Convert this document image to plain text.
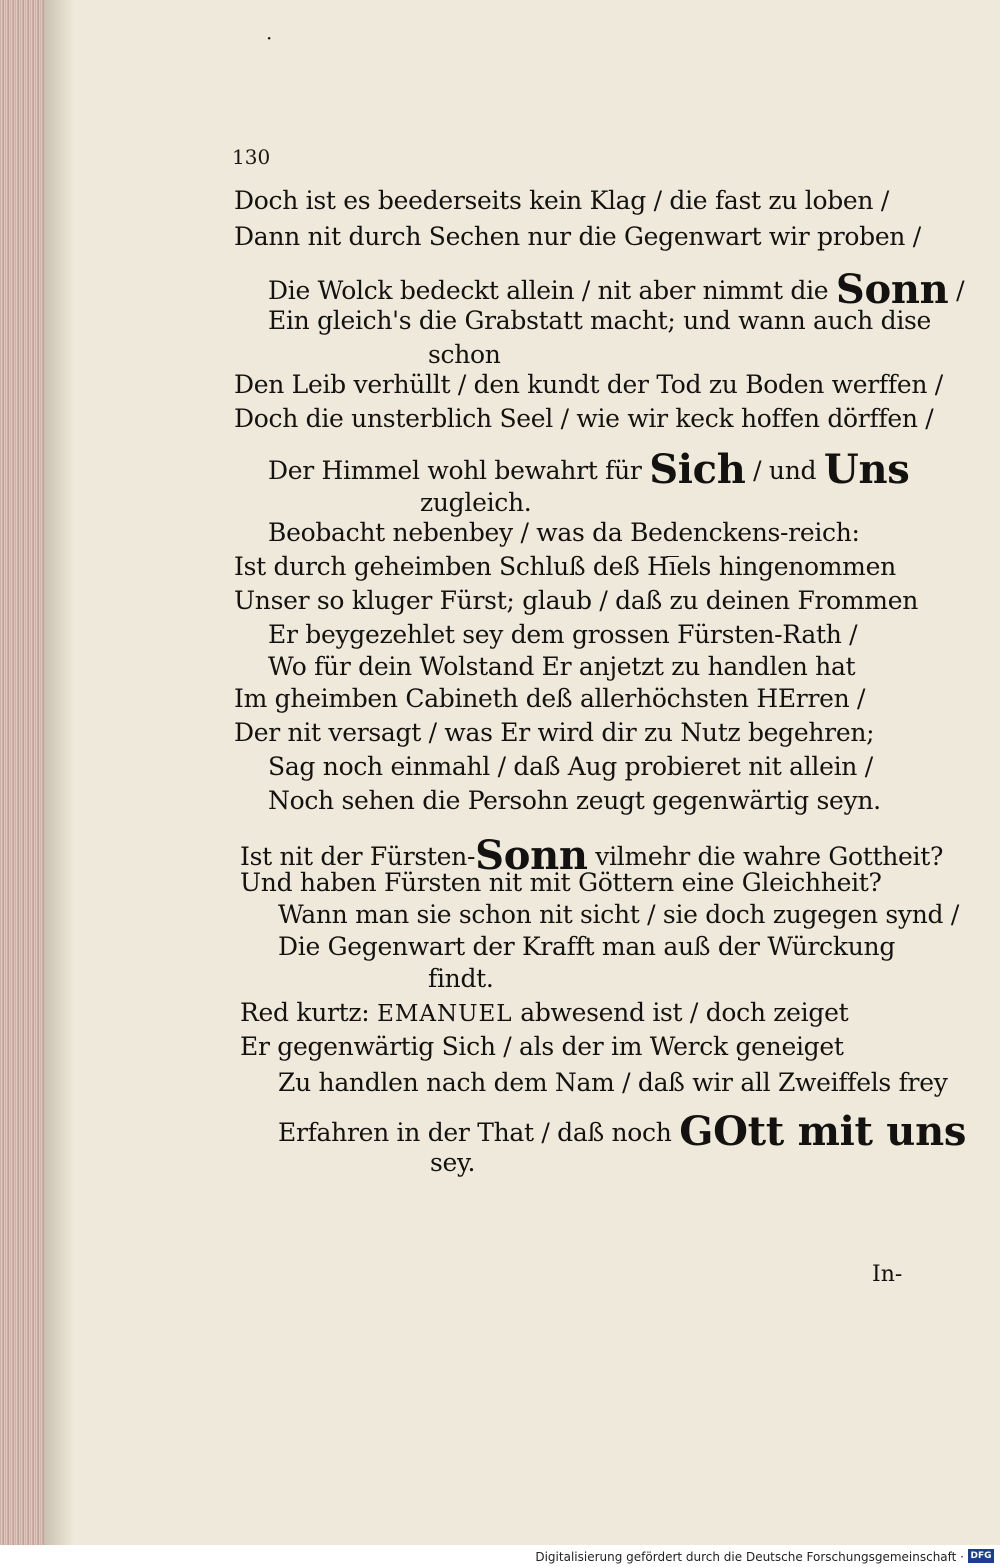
·
130
Doch ist es beederseits kein Klag / die fast zu loben /
Dann nit durch Sechen nur die Gegenwart wir proben /
Die Wolck bedeckt allein / nit aber nimmt die Sonn /
Ein gleich's die Grabstatt macht; und wann auch dise
schon
Den Leib verhüllt / den kundt der Tod zu Boden werffen /
Doch die unsterblich Seel / wie wir keck hoffen dörffen /
Der Himmel wohl bewahrt für Sich / und Uns
zugleich.
Beobacht nebenbey / was da Bedenckens-reich:
Ist durch geheimben Schluß deß Hi̅els hingenommen
Unser so kluger Fürst; glaub / daß zu deinen Frommen
Er beygezehlet sey dem grossen Fürsten-Rath /
Wo für dein Wolstand Er anjetzt zu handlen hat
Im gheimben Cabineth deß allerhöchsten HErren /
Der nit versagt / was Er wird dir zu Nutz begehren;
Sag noch einmahl / daß Aug probieret nit allein /
Noch sehen die Persohn zeugt gegenwärtig seyn.
Ist nit der Fürsten-Sonn vilmehr die wahre Gottheit?
Und haben Fürsten nit mit Göttern eine Gleichheit?
Wann man sie schon nit sicht / sie doch zugegen synd /
Die Gegenwart der Krafft man auß der Würckung
findt.
Red kurtz: EMANUEL abwesend ist / doch zeiget
Er gegenwärtig Sich / als der im Werck geneiget
Zu handlen nach dem Nam / daß wir all Zweiffels frey
Erfahren in der That / daß noch GOtt mit uns
sey.
In-
Digitalisierung gefördert durch die Deutsche Forschungsgemeinschaft · DFG
